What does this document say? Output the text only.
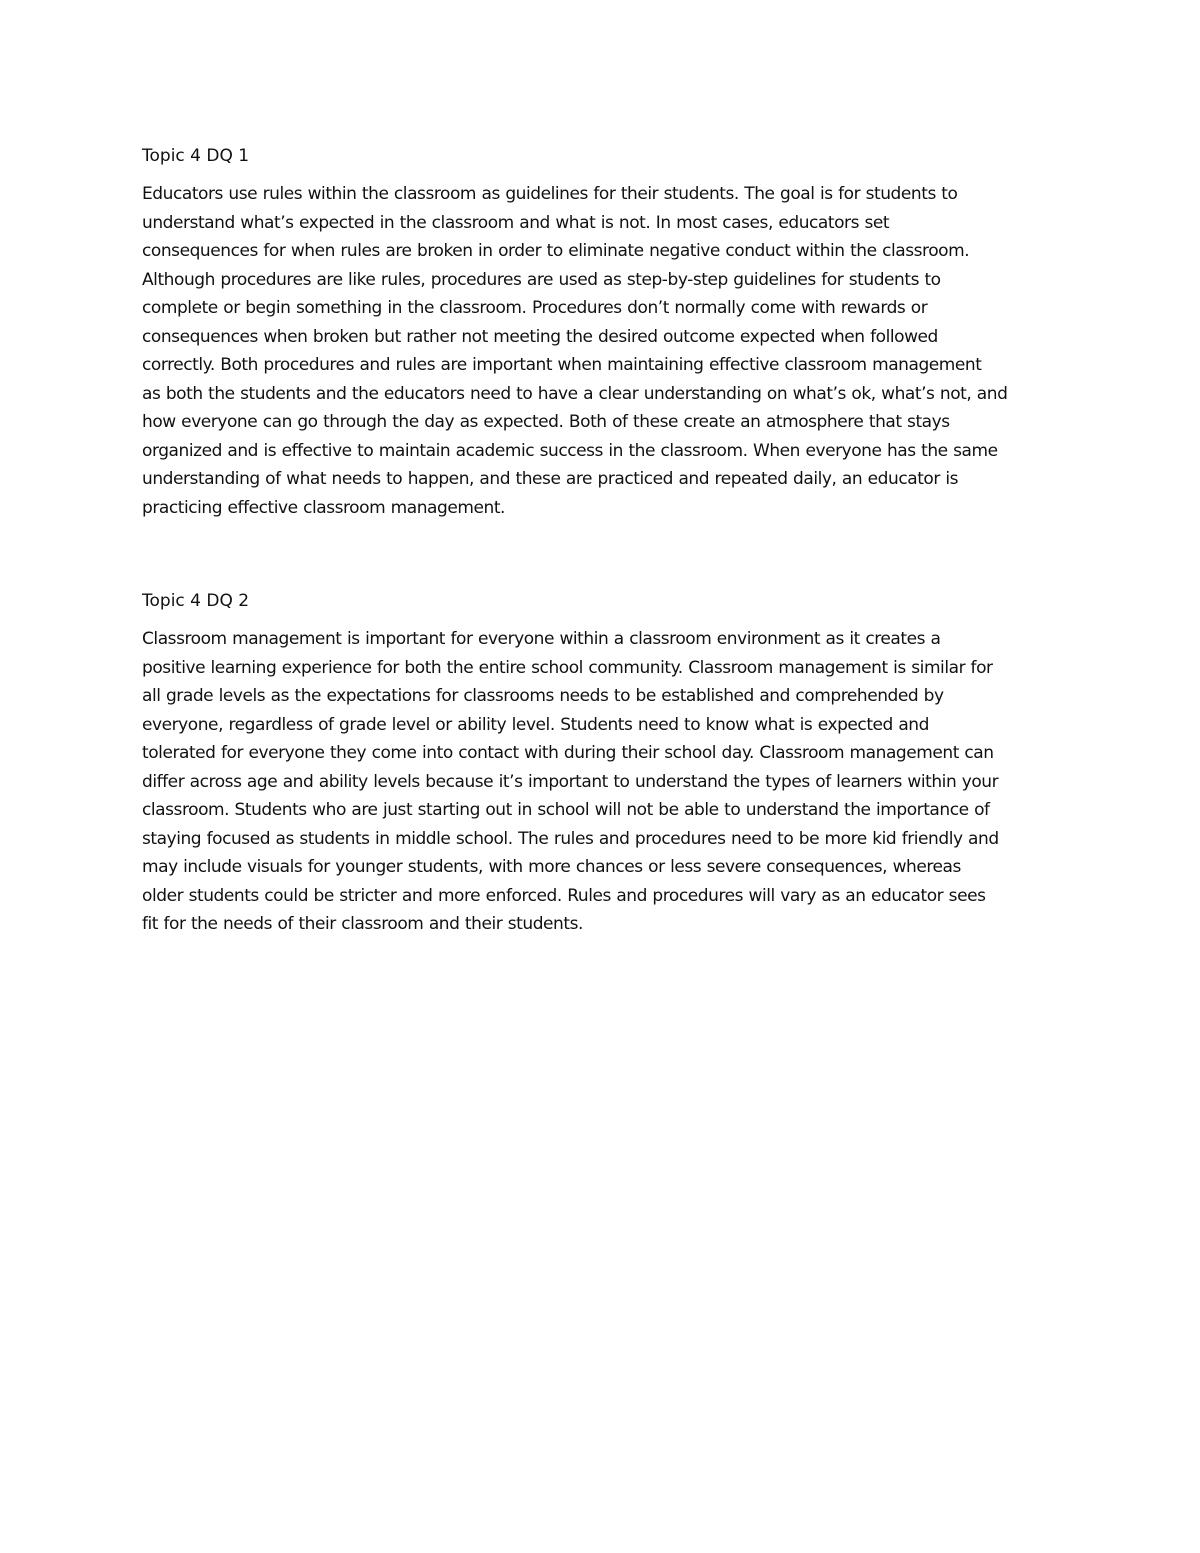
Topic 4 DQ 1
Educators use rules within the classroom as guidelines for their students. The goal is for students to
understand what’s expected in the classroom and what is not. In most cases, educators set
consequences for when rules are broken in order to eliminate negative conduct within the classroom.
Although procedures are like rules, procedures are used as step-by-step guidelines for students to
complete or begin something in the classroom. Procedures don’t normally come with rewards or
consequences when broken but rather not meeting the desired outcome expected when followed
correctly. Both procedures and rules are important when maintaining effective classroom management
as both the students and the educators need to have a clear understanding on what’s ok, what’s not, and
how everyone can go through the day as expected. Both of these create an atmosphere that stays
organized and is effective to maintain academic success in the classroom. When everyone has the same
understanding of what needs to happen, and these are practiced and repeated daily, an educator is
practicing effective classroom management.
Topic 4 DQ 2
Classroom management is important for everyone within a classroom environment as it creates a
positive learning experience for both the entire school community. Classroom management is similar for
all grade levels as the expectations for classrooms needs to be established and comprehended by
everyone, regardless of grade level or ability level. Students need to know what is expected and
tolerated for everyone they come into contact with during their school day. Classroom management can
differ across age and ability levels because it’s important to understand the types of learners within your
classroom. Students who are just starting out in school will not be able to understand the importance of
staying focused as students in middle school. The rules and procedures need to be more kid friendly and
may include visuals for younger students, with more chances or less severe consequences, whereas
older students could be stricter and more enforced. Rules and procedures will vary as an educator sees
fit for the needs of their classroom and their students.
